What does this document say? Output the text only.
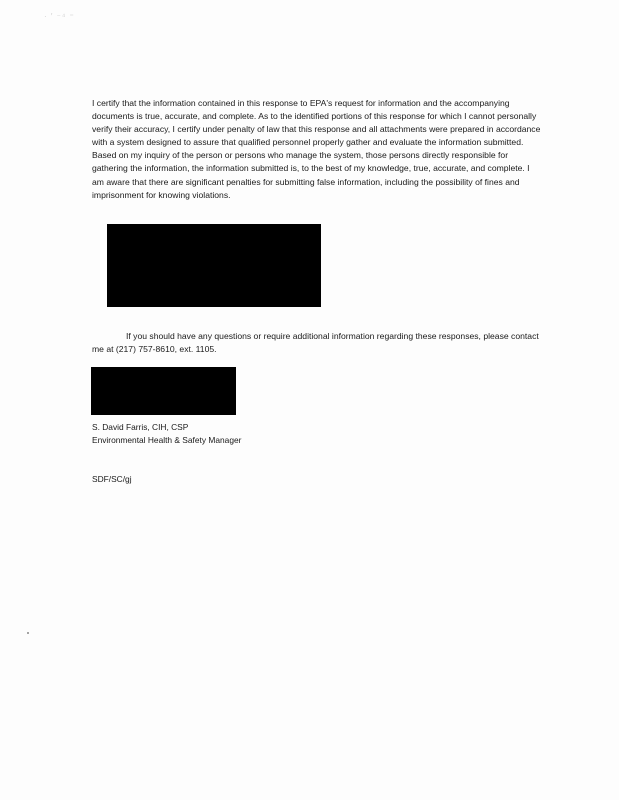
· ′ ⁻⁴ ⁼

I certify that the information contained in this response to EPA's request for information and the accompanying documents is true, accurate, and complete. As to the identified portions of this response for which I cannot personally verify their accuracy, I certify under penalty of law that this response and all attachments were prepared in accordance with a system designed to assure that qualified personnel properly gather and evaluate the information submitted. Based on my inquiry of the person or persons who manage the system, those persons directly responsible for gathering the information, the information submitted is, to the best of my knowledge, true, accurate, and complete. I am aware that there are significant penalties for submitting false information, including the possibility of fines and imprisonment for knowing violations.

If you should have any questions or require additional information regarding these responses, please contact me at (217) 757-8610, ext. 1105.

S. David Farris, CIH, CSP
Environmental Health & Safety Manager
SDF/SC/gj
